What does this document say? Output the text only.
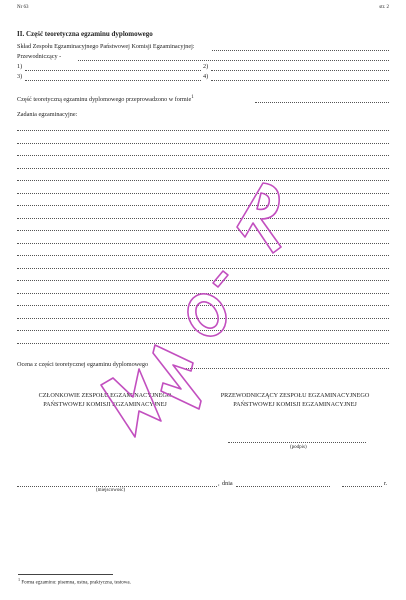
Nr 63	str. 2
II. Część teoretyczna egzaminu dyplomowego
Skład Zespołu Egzaminacyjnego Państwowej Komisji Egzaminacyjnej:
Przewodniczący -
1)	2)
3)	4)
Część teoretyczną egzaminu dyplomowego przeprowadzono w formie$^1$
Zadania egzaminacyjne:
Ocena z części teoretycznej egzaminu dyplomowego
CZŁONKOWIE ZESPOŁU EGZAMINACYJNEGO
PAŃSTWOWEJ KOMISJI EGZAMINACYJNEJ
PRZEWODNICZĄCY ZESPOŁU EGZAMINACYJNEGO
PAŃSTWOWEJ KOMISJI EGZAMINACYJNEJ
(podpis)
(miejscowość)
, dnia	r.
$^1$ Forma egzaminu: pisemna, ustna, praktyczna, testowa.
